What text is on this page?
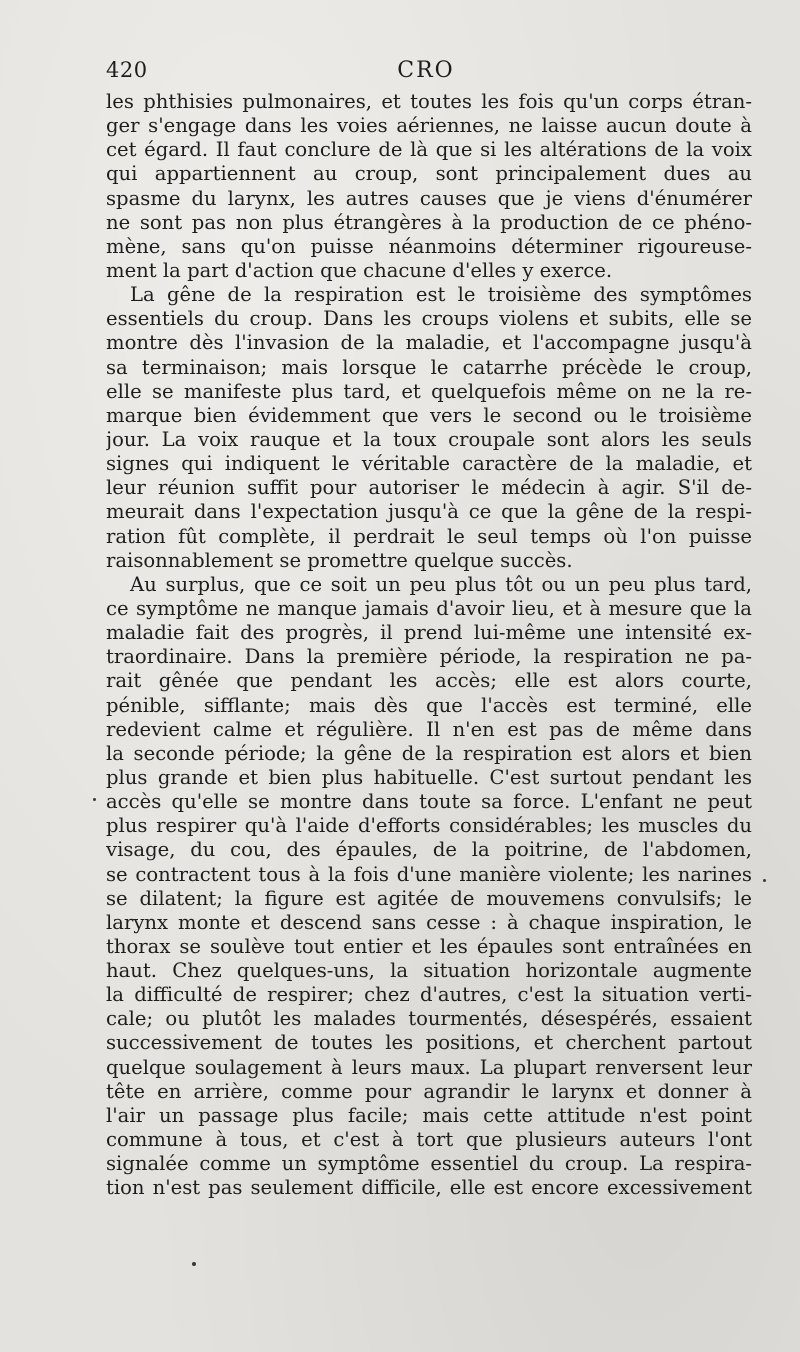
420	CRO
les phthisies pulmonaires, et toutes les fois qu'un corps étran-
ger s'engage dans les voies aériennes, ne laisse aucun doute à
cet égard. Il faut conclure de là que si les altérations de la voix
qui appartiennent au croup, sont principalement dues au
spasme du larynx, les autres causes que je viens d'énumérer
ne sont pas non plus étrangères à la production de ce phéno-
mène, sans qu'on puisse néanmoins déterminer rigoureuse-
ment la part d'action que chacune d'elles y exerce.
La gêne de la respiration est le troisième des symptômes
essentiels du croup. Dans les croups violens et subits, elle se
montre dès l'invasion de la maladie, et l'accompagne jusqu'à
sa terminaison; mais lorsque le catarrhe précède le croup,
elle se manifeste plus tard, et quelquefois même on ne la re-
marque bien évidemment que vers le second ou le troisième
jour. La voix rauque et la toux croupale sont alors les seuls
signes qui indiquent le véritable caractère de la maladie, et
leur réunion suffit pour autoriser le médecin à agir. S'il de-
meurait dans l'expectation jusqu'à ce que la gêne de la respi-
ration fût complète, il perdrait le seul temps où l'on puisse
raisonnablement se promettre quelque succès.
Au surplus, que ce soit un peu plus tôt ou un peu plus tard,
ce symptôme ne manque jamais d'avoir lieu, et à mesure que la
maladie fait des progrès, il prend lui-même une intensité ex-
traordinaire. Dans la première période, la respiration ne pa-
rait gênée que pendant les accès; elle est alors courte,
pénible, sifflante; mais dès que l'accès est terminé, elle
redevient calme et régulière. Il n'en est pas de même dans
la seconde période; la gêne de la respiration est alors et bien
plus grande et bien plus habituelle. C'est surtout pendant les
accès qu'elle se montre dans toute sa force. L'enfant ne peut
plus respirer qu'à l'aide d'efforts considérables; les muscles du
visage, du cou, des épaules, de la poitrine, de l'abdomen,
se contractent tous à la fois d'une manière violente; les narines
se dilatent; la figure est agitée de mouvemens convulsifs; le
larynx monte et descend sans cesse : à chaque inspiration, le
thorax se soulève tout entier et les épaules sont entraînées en
haut. Chez quelques-uns, la situation horizontale augmente
la difficulté de respirer; chez d'autres, c'est la situation verti-
cale; ou plutôt les malades tourmentés, désespérés, essaient
successivement de toutes les positions, et cherchent partout
quelque soulagement à leurs maux. La plupart renversent leur
tête en arrière, comme pour agrandir le larynx et donner à
l'air un passage plus facile; mais cette attitude n'est point
commune à tous, et c'est à tort que plusieurs auteurs l'ont
signalée comme un symptôme essentiel du croup. La respira-
tion n'est pas seulement difficile, elle est encore excessivement
